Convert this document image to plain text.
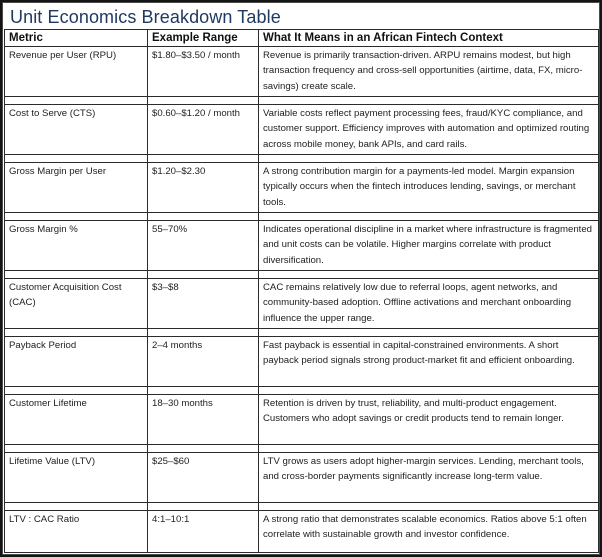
Unit Economics Breakdown Table
Metric	Example Range	What It Means in an African Fintech Context
Revenue per User (RPU)	$1.80–$3.50 / month	Revenue is primarily transaction-driven. ARPU remains modest, but high transaction frequency and cross-sell opportunities (airtime, data, FX, micro-savings) create scale.

Cost to Serve (CTS)	$0.60–$1.20 / month	Variable costs reflect payment processing fees, fraud/KYC compliance, and customer support. Efficiency improves with automation and optimized routing across mobile money, bank APIs, and card rails.

Gross Margin per User	$1.20–$2.30	A strong contribution margin for a payments-led model. Margin expansion typically occurs when the fintech introduces lending, savings, or merchant tools.

Gross Margin %	55–70%	Indicates operational discipline in a market where infrastructure is fragmented and unit costs can be volatile. Higher margins correlate with product diversification.

Customer Acquisition Cost (CAC)	$3–$8	CAC remains relatively low due to referral loops, agent networks, and community-based adoption. Offline activations and merchant onboarding influence the upper range.

Payback Period	2–4 months	Fast payback is essential in capital-constrained environments. A short payback period signals strong product-market fit and efficient onboarding.

Customer Lifetime	18–30 months	Retention is driven by trust, reliability, and multi-product engagement. Customers who adopt savings or credit products tend to remain longer.

Lifetime Value (LTV)	$25–$60	LTV grows as users adopt higher-margin services. Lending, merchant tools, and cross-border payments significantly increase long-term value.

LTV : CAC Ratio	4:1–10:1	A strong ratio that demonstrates scalable economics. Ratios above 5:1 often correlate with sustainable growth and investor confidence.
